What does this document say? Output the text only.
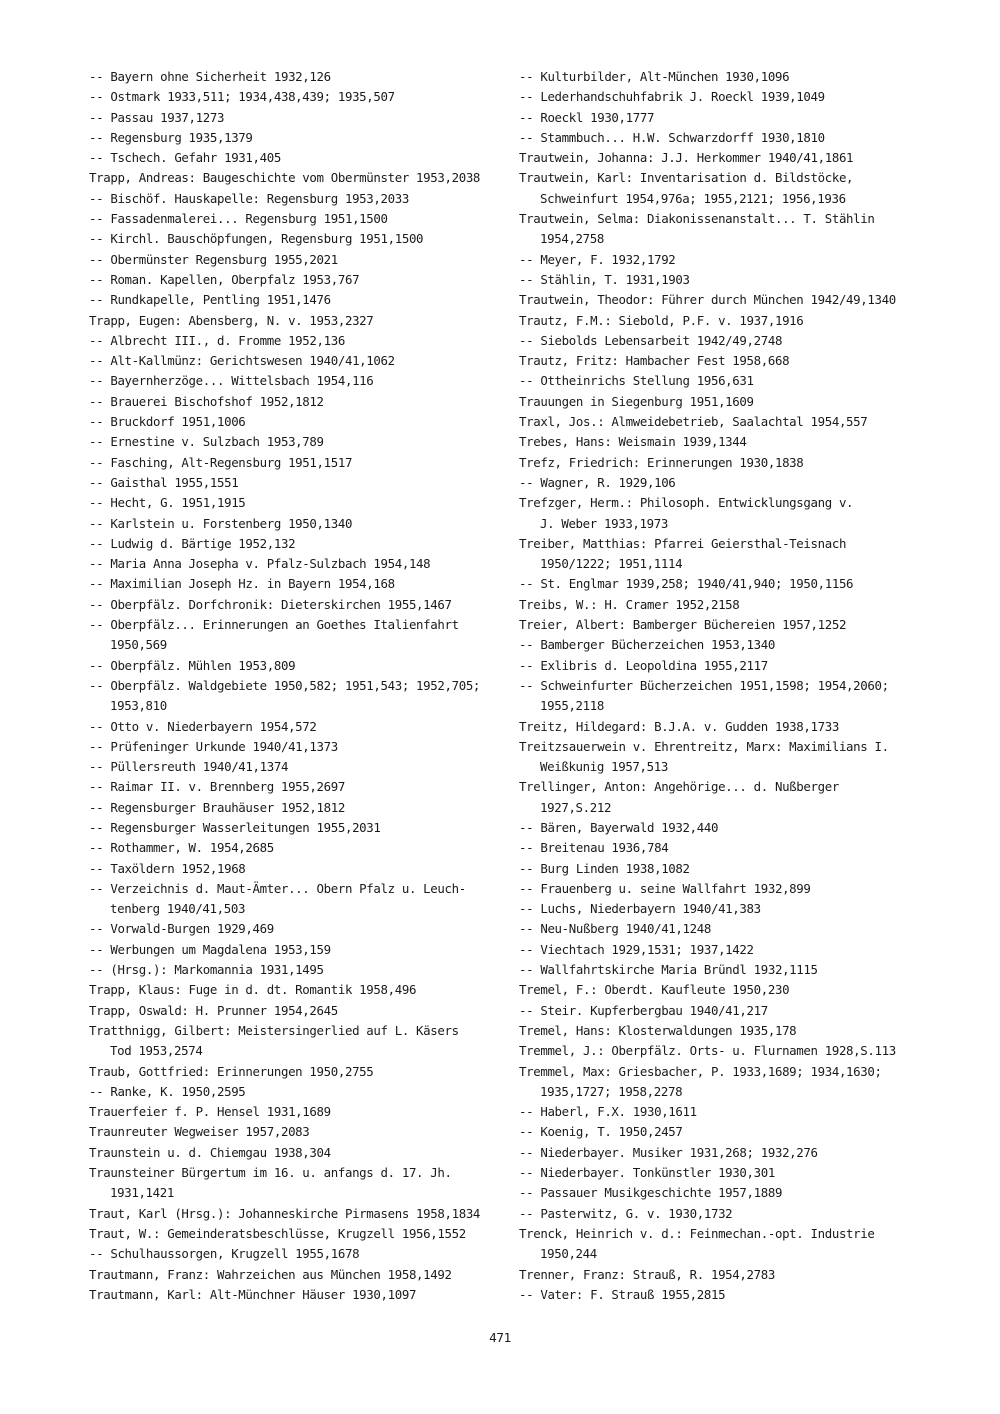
-- Bayern ohne Sicherheit 1932,126
-- Ostmark 1933,511; 1934,438,439; 1935,507
-- Passau 1937,1273
-- Regensburg 1935,1379
-- Tschech. Gefahr 1931,405
Trapp, Andreas: Baugeschichte vom Obermünster 1953,2038
-- Bischöf. Hauskapelle: Regensburg 1953,2033
-- Fassadenmalerei... Regensburg 1951,1500
-- Kirchl. Bauschöpfungen, Regensburg 1951,1500
-- Obermünster Regensburg 1955,2021
-- Roman. Kapellen, Oberpfalz 1953,767
-- Rundkapelle, Pentling 1951,1476
Trapp, Eugen: Abensberg, N. v. 1953,2327
-- Albrecht III., d. Fromme 1952,136
-- Alt-Kallmünz: Gerichtswesen 1940/41,1062
-- Bayernherzöge... Wittelsbach 1954,116
-- Brauerei Bischofshof 1952,1812
-- Bruckdorf 1951,1006
-- Ernestine v. Sulzbach 1953,789
-- Fasching, Alt-Regensburg 1951,1517
-- Gaisthal 1955,1551
-- Hecht, G. 1951,1915
-- Karlstein u. Forstenberg 1950,1340
-- Ludwig d. Bärtige 1952,132
-- Maria Anna Josepha v. Pfalz-Sulzbach 1954,148
-- Maximilian Joseph Hz. in Bayern 1954,168
-- Oberpfälz. Dorfchronik: Dieterskirchen 1955,1467
-- Oberpfälz... Erinnerungen an Goethes Italienfahrt
1950,569
-- Oberpfälz. Mühlen 1953,809
-- Oberpfälz. Waldgebiete 1950,582; 1951,543; 1952,705;
1953,810
-- Otto v. Niederbayern 1954,572
-- Prüfeninger Urkunde 1940/41,1373
-- Püllersreuth 1940/41,1374
-- Raimar II. v. Brennberg 1955,2697
-- Regensburger Brauhäuser 1952,1812
-- Regensburger Wasserleitungen 1955,2031
-- Rothammer, W. 1954,2685
-- Taxöldern 1952,1968
-- Verzeichnis d. Maut-Ämter... Obern Pfalz u. Leuch-
tenberg 1940/41,503
-- Vorwald-Burgen 1929,469
-- Werbungen um Magdalena 1953,159
-- (Hrsg.): Markomannia 1931,1495
Trapp, Klaus: Fuge in d. dt. Romantik 1958,496
Trapp, Oswald: H. Prunner 1954,2645
Tratthnigg, Gilbert: Meistersingerlied auf L. Käsers
Tod 1953,2574
Traub, Gottfried: Erinnerungen 1950,2755
-- Ranke, K. 1950,2595
Trauerfeier f. P. Hensel 1931,1689
Traunreuter Wegweiser 1957,2083
Traunstein u. d. Chiemgau 1938,304
Traunsteiner Bürgertum im 16. u. anfangs d. 17. Jh.
1931,1421
Traut, Karl (Hrsg.): Johanneskirche Pirmasens 1958,1834
Traut, W.: Gemeinderatsbeschlüsse, Krugzell 1956,1552
-- Schulhaussorgen, Krugzell 1955,1678
Trautmann, Franz: Wahrzeichen aus München 1958,1492
Trautmann, Karl: Alt-Münchner Häuser 1930,1097
-- Kulturbilder, Alt-München 1930,1096
-- Lederhandschuhfabrik J. Roeckl 1939,1049
-- Roeckl 1930,1777
-- Stammbuch... H.W. Schwarzdorff 1930,1810
Trautwein, Johanna: J.J. Herkommer 1940/41,1861
Trautwein, Karl: Inventarisation d. Bildstöcke,
Schweinfurt 1954,976a; 1955,2121; 1956,1936
Trautwein, Selma: Diakonissenanstalt... T. Stählin
1954,2758
-- Meyer, F. 1932,1792
-- Stählin, T. 1931,1903
Trautwein, Theodor: Führer durch München 1942/49,1340
Trautz, F.M.: Siebold, P.F. v. 1937,1916
-- Siebolds Lebensarbeit 1942/49,2748
Trautz, Fritz: Hambacher Fest 1958,668
-- Ottheinrichs Stellung 1956,631
Trauungen in Siegenburg 1951,1609
Traxl, Jos.: Almweidebetrieb, Saalachtal 1954,557
Trebes, Hans: Weismain 1939,1344
Trefz, Friedrich: Erinnerungen 1930,1838
-- Wagner, R. 1929,106
Trefzger, Herm.: Philosoph. Entwicklungsgang v.
J. Weber 1933,1973
Treiber, Matthias: Pfarrei Geiersthal-Teisnach
1950/1222; 1951,1114
-- St. Englmar 1939,258; 1940/41,940; 1950,1156
Treibs, W.: H. Cramer 1952,2158
Treier, Albert: Bamberger Büchereien 1957,1252
-- Bamberger Bücherzeichen 1953,1340
-- Exlibris d. Leopoldina 1955,2117
-- Schweinfurter Bücherzeichen 1951,1598; 1954,2060;
1955,2118
Treitz, Hildegard: B.J.A. v. Gudden 1938,1733
Treitzsauerwein v. Ehrentreitz, Marx: Maximilians I.
Weißkunig 1957,513
Trellinger, Anton: Angehörige... d. Nußberger
1927,S.212
-- Bären, Bayerwald 1932,440
-- Breitenau 1936,784
-- Burg Linden 1938,1082
-- Frauenberg u. seine Wallfahrt 1932,899
-- Luchs, Niederbayern 1940/41,383
-- Neu-Nußberg 1940/41,1248
-- Viechtach 1929,1531; 1937,1422
-- Wallfahrtskirche Maria Bründl 1932,1115
Tremel, F.: Oberdt. Kaufleute 1950,230
-- Steir. Kupferbergbau 1940/41,217
Tremel, Hans: Klosterwaldungen 1935,178
Tremmel, J.: Oberpfälz. Orts- u. Flurnamen 1928,S.113
Tremmel, Max: Griesbacher, P. 1933,1689; 1934,1630;
1935,1727; 1958,2278
-- Haberl, F.X. 1930,1611
-- Koenig, T. 1950,2457
-- Niederbayer. Musiker 1931,268; 1932,276
-- Niederbayer. Tonkünstler 1930,301
-- Passauer Musikgeschichte 1957,1889
-- Pasterwitz, G. v. 1930,1732
Trenck, Heinrich v. d.: Feinmechan.-opt. Industrie
1950,244
Trenner, Franz: Strauß, R. 1954,2783
-- Vater: F. Strauß 1955,2815
471
